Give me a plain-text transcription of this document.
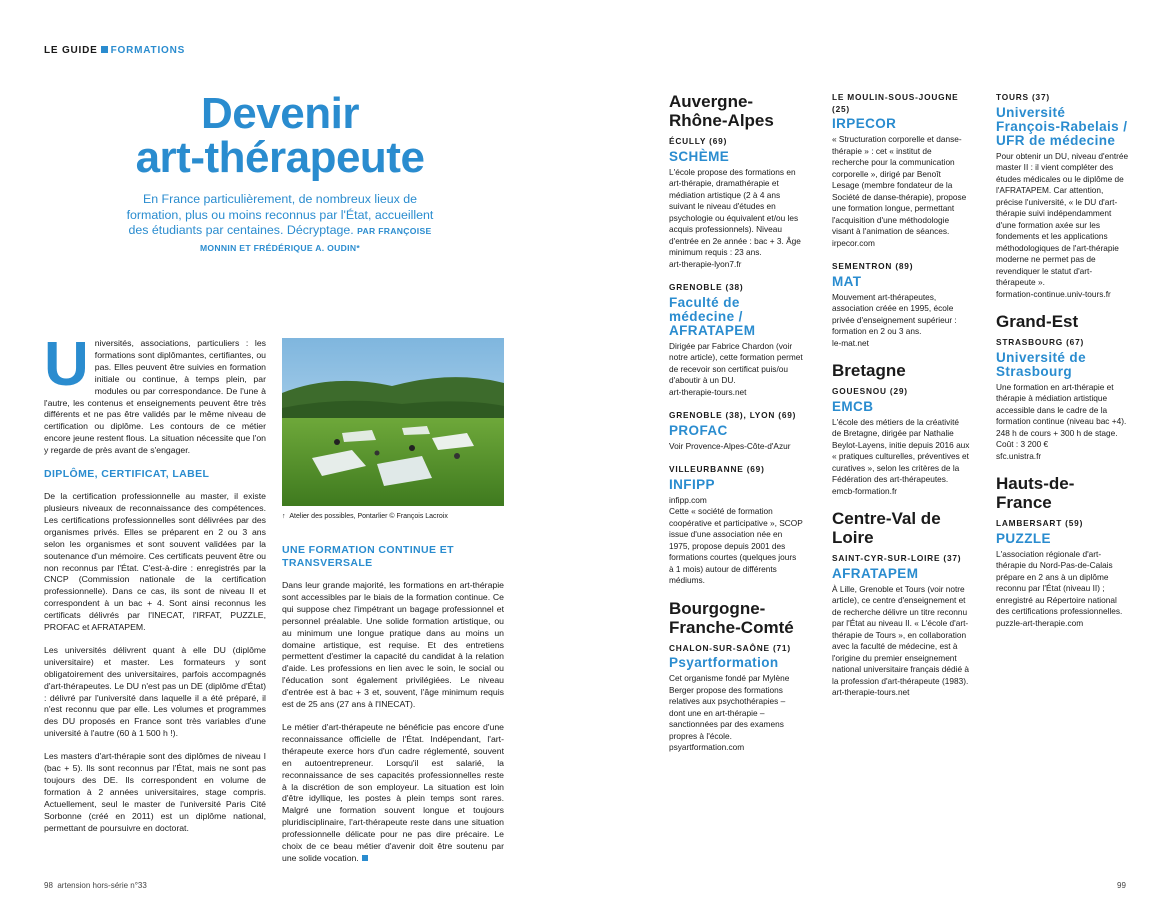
LE GUIDE FORMATIONS
Devenir
art-thérapeute
En France particulièrement, de nombreux lieux de formation, plus ou moins reconnus par l'État, accueillent des étudiants par centaines. Décryptage. PAR FRANÇOISE MONNIN ET FRÉDÉRIQUE A. OUDIN*

Universités, associations, particuliers : les formations sont diplômantes, certifiantes, ou pas. Elles peuvent être suivies en formation initiale ou continue, à temps plein, par modules ou par correspondance. De l'une à l'autre, les contenus et enseignements peuvent être très différents et ne pas être validés par le même niveau de certification ou diplôme. Les contours de ce métier encore jeune restent flous. La situation nécessite que l'on y regarde de près avant de s'engager.

DIPLÔME, CERTIFICAT, LABEL

De la certification professionnelle au master, il existe plusieurs niveaux de reconnaissance des compétences. Les certifications professionnelles sont délivrées par des organismes privés. Elles se préparent en 2 ou 3 ans selon les organismes et sont souvent validées par la soutenance d'un mémoire. Ces certificats peuvent être ou non reconnus par l'État. C'est-à-dire : enregistrés par la CNCP (Commission nationale de la certification professionnelle). Dans ce cas, ils sont de niveau II et correspondent à un bac + 4. Sont ainsi reconnus les certificats délivrés par l'INECAT, l'IRFAT, PUZZLE, PROFAC et AFRATAPEM.

Les universités délivrent quant à elle DU (diplôme universitaire) et master. Les formateurs y sont obligatoirement des universitaires, parfois accompagnés d'art-thérapeutes. Le DU n'est pas un DE (diplôme d'État) : délivré par l'université dans laquelle il a été préparé, il n'est reconnu que par elle. Les volumes et programmes des DU proposés en France sont très variables d'une université à l'autre (60 à 1 500 h !).

Les masters d'art-thérapie sont des diplômes de niveau I (bac + 5). Ils sont reconnus par l'État, mais ne sont pas toujours des DE. Ils correspondent en volume de formation à 2 années universitaires, stage compris. Actuellement, seul le master de l'université Paris Cité Sorbonne (créé en 2011) est un diplôme national, permettant de poursuivre en doctorat.

↑  Atelier des possibles, Pontarlier © François Lacroix
UNE FORMATION CONTINUE ET TRANSVERSALE

Dans leur grande majorité, les formations en art-thérapie sont accessibles par le biais de la formation continue. Ce qui suppose chez l'impétrant un bagage professionnel et personnel préalable. Une solide formation artistique, ou au minimum une longue pratique dans au moins un domaine artistique, est requise. Et des entretiens permettent d'estimer la capacité du candidat à la relation d'aide. Les professions en lien avec le soin, le social ou l'éducation sont également privilégiées. Le niveau d'entrée est à bac + 3 et, souvent, l'âge minimum requis est de 25 ans (27 ans à l'INECAT).

Le métier d'art-thérapeute ne bénéficie pas encore d'une reconnaissance officielle de l'État. Indépendant, l'art-thérapeute exerce hors d'un cadre réglementé, souvent en autoentrepreneur. Lorsqu'il est salarié, la reconnaissance de ses capacités professionnelles reste à la discrétion de son employeur. La situation est loin d'être idyllique, les postes à plein temps sont rares. Malgré une formation souvent longue et toujours pluridisciplinaire, l'art-thérapeute reste dans une situation professionnelle délicate pour ne pas dire précaire. Le choix de ce beau métier d'avenir doit être soutenu par une solide vocation.

Auvergne-Rhône-Alpes
ÉCULLY (69)
SCHÈME
L'école propose des formations en art-thérapie, dramathérapie et médiation artistique (2 à 4 ans suivant le niveau d'études en psychologie ou équivalent et/ou les acquis professionnels). Niveau d'entrée en 2e année : bac + 3. Âge minimum requis : 23 ans.
art-therapie-lyon7.fr
GRENOBLE (38)
Faculté de médecine / AFRATAPEM
Dirigée par Fabrice Chardon (voir notre article), cette formation permet de recevoir son certificat puis/ou d'aboutir à un DU.
art-therapie-tours.net
GRENOBLE (38), LYON (69)
PROFAC
Voir Provence-Alpes-Côte-d'Azur
VILLEURBANNE (69)
INFIPP
infipp.com
Cette « société de formation coopérative et participative », SCOP issue d'une association née en 1975, propose depuis 2001 des formations courtes (quelques jours à 1 mois) autour de différents médiums.
Bourgogne-Franche-Comté
CHALON-SUR-SAÔNE (71)
Psyartformation
Cet organisme fondé par Mylène Berger propose des formations relatives aux psychothérapies – dont une en art-thérapie – sanctionnées par des examens propres à l'école.
psyartformation.com
LE MOULIN-SOUS-JOUGNE (25)
IRPECOR
« Structuration corporelle et danse-thérapie » : cet « institut de recherche pour la communication corporelle », dirigé par Benoît Lesage (membre fondateur de la Société de danse-thérapie), propose une formation longue, permettant l'acquisition d'une méthodologie visant à l'animation de séances.
irpecor.com
SEMENTRON (89)
MAT
Mouvement art-thérapeutes, association créée en 1995, école privée d'enseignement supérieur : formation en 2 ou 3 ans.
le-mat.net
Bretagne
GOUESNOU (29)
EMCB
L'école des métiers de la créativité de Bretagne, dirigée par Nathalie Beylot-Layens, initie depuis 2016 aux « pratiques culturelles, préventives et curatives », selon les critères de la Fédération des art-thérapeutes.
emcb-formation.fr
Centre-Val de Loire
SAINT-CYR-SUR-LOIRE (37)
AFRATAPEM
À Lille, Grenoble et Tours (voir notre article), ce centre d'enseignement et de recherche délivre un titre reconnu par l'État au niveau II. « L'école d'art-thérapie de Tours », en collaboration avec la faculté de médecine, est à l'origine du premier enseignement national universitaire français dédié à la profession d'art-thérapeute (1983).
art-therapie-tours.net
TOURS (37)
Université François-Rabelais / UFR de médecine
Pour obtenir un DU, niveau d'entrée master II : il vient compléter des études médicales ou le diplôme de l'AFRATAPEM. Car attention, précise l'université, « le DU d'art-thérapie suivi indépendamment d'une formation axée sur les fondements et les applications méthodologiques de l'art-thérapie moderne ne permet pas de revendiquer le statut d'art-thérapeute ».
formation-continue.univ-tours.fr
Grand-Est
STRASBOURG (67)
Université de Strasbourg
Une formation en art-thérapie et thérapie à médiation artistique accessible dans le cadre de la formation continue (niveau bac +4). 248 h de cours + 300 h de stage. Coût : 3 200 €
sfc.unistra.fr
Hauts-de-France
LAMBERSART (59)
PUZZLE
L'association régionale d'art-thérapie du Nord-Pas-de-Calais prépare en 2 ans à un diplôme reconnu par l'État (niveau II) ; enregistré au Répertoire national des certifications professionnelles.
puzzle-art-therapie.com
98 artension hors-série n°33	99
